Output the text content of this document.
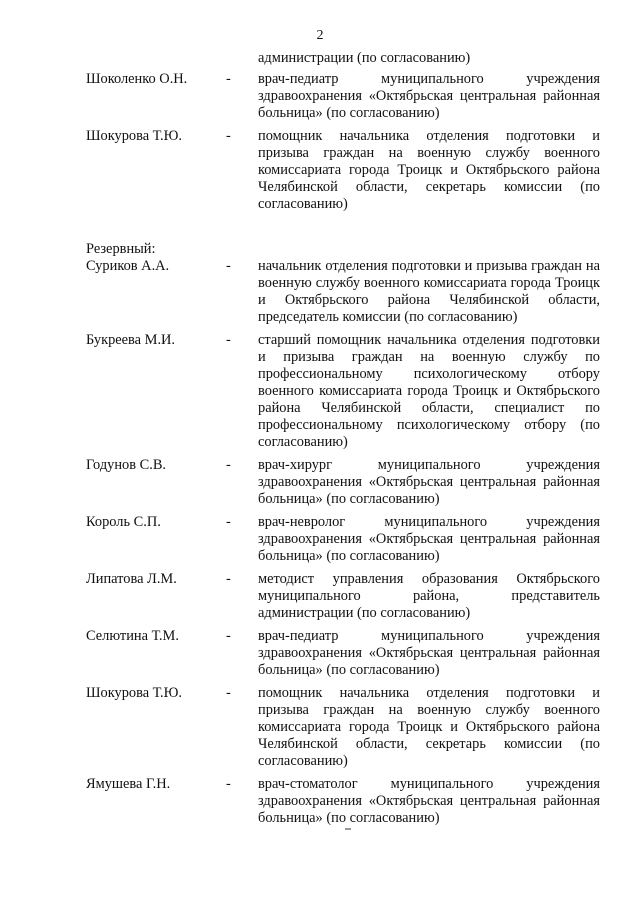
2
администрации (по согласованию)
Шоколенко О.Н.	-	врач-педиатр муниципального учреждения здравоохранения «Октябрьская центральная районная больница» (по согласованию)
Шокурова Т.Ю.	-	помощник начальника отделения подготовки и призыва граждан на военную службу военного комиссариата города Троицк и Октябрьского района Челябинской области, секретарь комиссии (по согласованию)
Резервный:
Суриков А.А.	-	начальник отделения подготовки и призыва граждан на военную службу военного комиссариата города Троицк и Октябрьского района Челябинской области, председатель комиссии (по согласованию)
Букреева М.И.	-	старший помощник начальника отделения подготовки и призыва граждан на военную службу по профессиональному психологическому отбору военного комиссариата города Троицк и Октябрьского района Челябинской области, специалист по профессиональному психологическому отбору (по согласованию)
Годунов С.В.	-	врач-хирург муниципального учреждения здравоохранения «Октябрьская центральная районная больница» (по согласованию)
Король С.П.	-	врач-невролог муниципального учреждения здравоохранения «Октябрьская центральная районная больница» (по согласованию)
Липатова Л.М.	-	методист управления образования Октябрьского муниципального района, представитель администрации (по согласованию)
Селютина Т.М.	-	врач-педиатр муниципального учреждения здравоохранения «Октябрьская центральная районная больница» (по согласованию)
Шокурова Т.Ю.	-	помощник начальника отделения подготовки и призыва граждан на военную службу военного комиссариата города Троицк и Октябрьского района Челябинской области, секретарь комиссии (по согласованию)
Ямушева Г.Н.	-	врач-стоматолог муниципального учреждения здравоохранения «Октябрьская центральная районная больница» (по согласованию)
